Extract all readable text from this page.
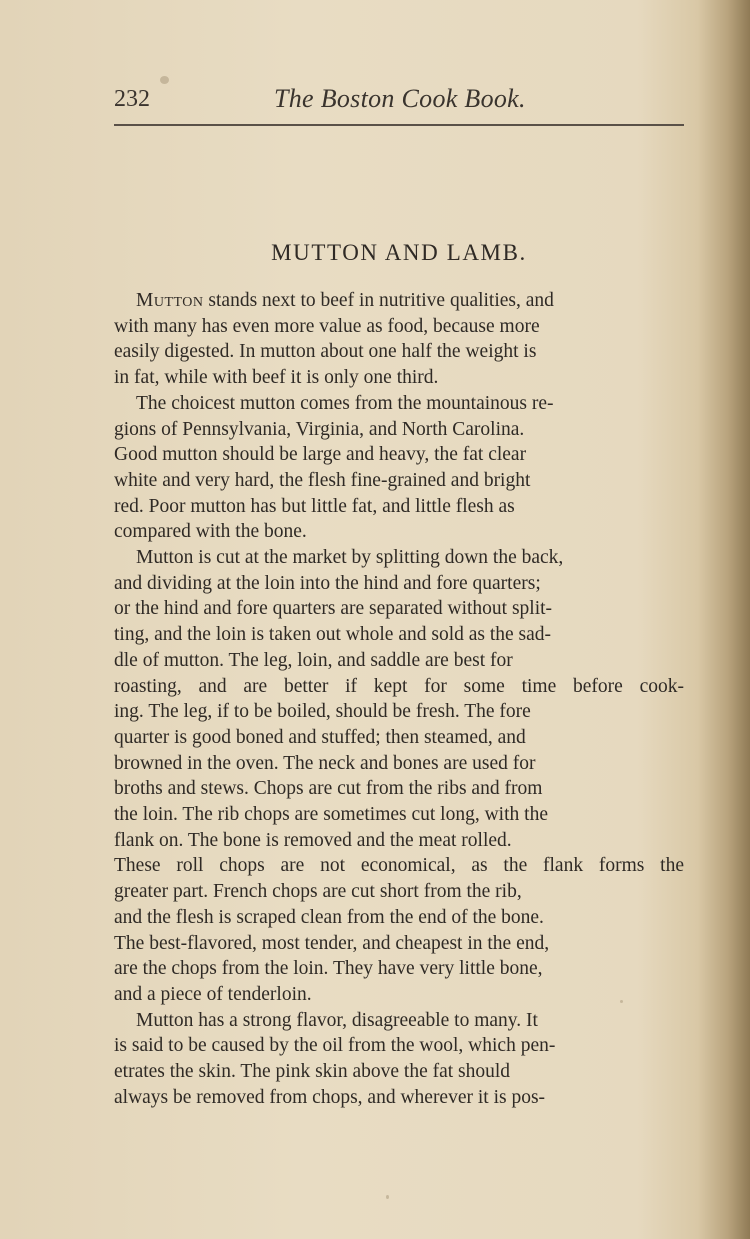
232	The Boston Cook Book.
MUTTON AND LAMB.

Mutton stands next to beef in nutritive qualities, and
with many has even more value as food, because more
easily digested. In mutton about one half the weight is
in fat, while with beef it is only one third.

The choicest mutton comes from the mountainous re-
gions of Pennsylvania, Virginia, and North Carolina.
Good mutton should be large and heavy, the fat clear
white and very hard, the flesh fine-grained and bright
red. Poor mutton has but little fat, and little flesh as
compared with the bone.

Mutton is cut at the market by splitting down the back,
and dividing at the loin into the hind and fore quarters;
or the hind and fore quarters are separated without split-
ting, and the loin is taken out whole and sold as the sad-
dle of mutton. The leg, loin, and saddle are best for
roasting, and are better if kept for some time before cook-
ing. The leg, if to be boiled, should be fresh. The fore
quarter is good boned and stuffed; then steamed, and
browned in the oven. The neck and bones are used for
broths and stews. Chops are cut from the ribs and from
the loin. The rib chops are sometimes cut long, with the
flank on. The bone is removed and the meat rolled.
These roll chops are not economical, as the flank forms the
greater part. French chops are cut short from the rib,
and the flesh is scraped clean from the end of the bone.
The best-flavored, most tender, and cheapest in the end,
are the chops from the loin. They have very little bone,
and a piece of tenderloin.

Mutton has a strong flavor, disagreeable to many. It
is said to be caused by the oil from the wool, which pen-
etrates the skin. The pink skin above the fat should
always be removed from chops, and wherever it is pos-
